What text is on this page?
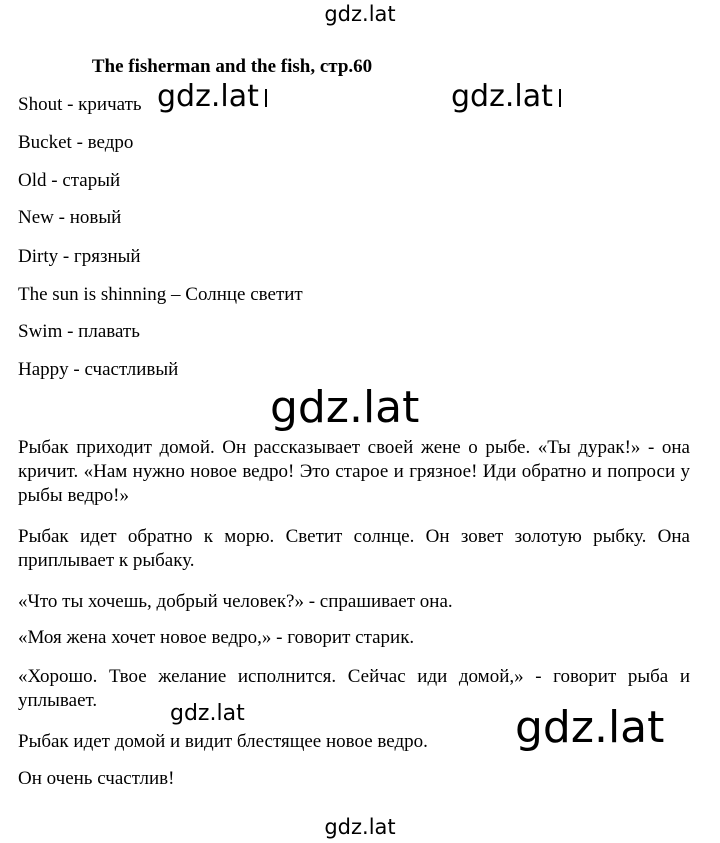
gdz.lat
The fisherman and the fish, стр.60
Shout - кричать
Bucket - ведро
Old - старый
New - новый
Dirty - грязный
The sun is shinning – Солнце светит
Swim - плавать
Happy - счастливый
gdz.lat	gdz.lat
gdz.lat
Рыбак приходит домой. Он рассказывает своей жене о рыбе. «Ты дурак!» - она кричит. «Нам нужно новое ведро! Это старое и грязное! Иди обратно и попроси у рыбы ведро!»
Рыбак идет обратно к морю. Светит солнце. Он зовет золотую рыбку. Она приплывает к рыбаку.
«Что ты хочешь, добрый человек?» - спрашивает она.
«Моя жена хочет новое ведро,» - говорит старик.
«Хорошо. Твое желание исполнится. Сейчас иди домой,» - говорит рыба и уплывает.
Рыбак идет домой и видит блестящее новое ведро.
Он очень счастлив!
gdz.lat	gdz.lat
gdz.lat
